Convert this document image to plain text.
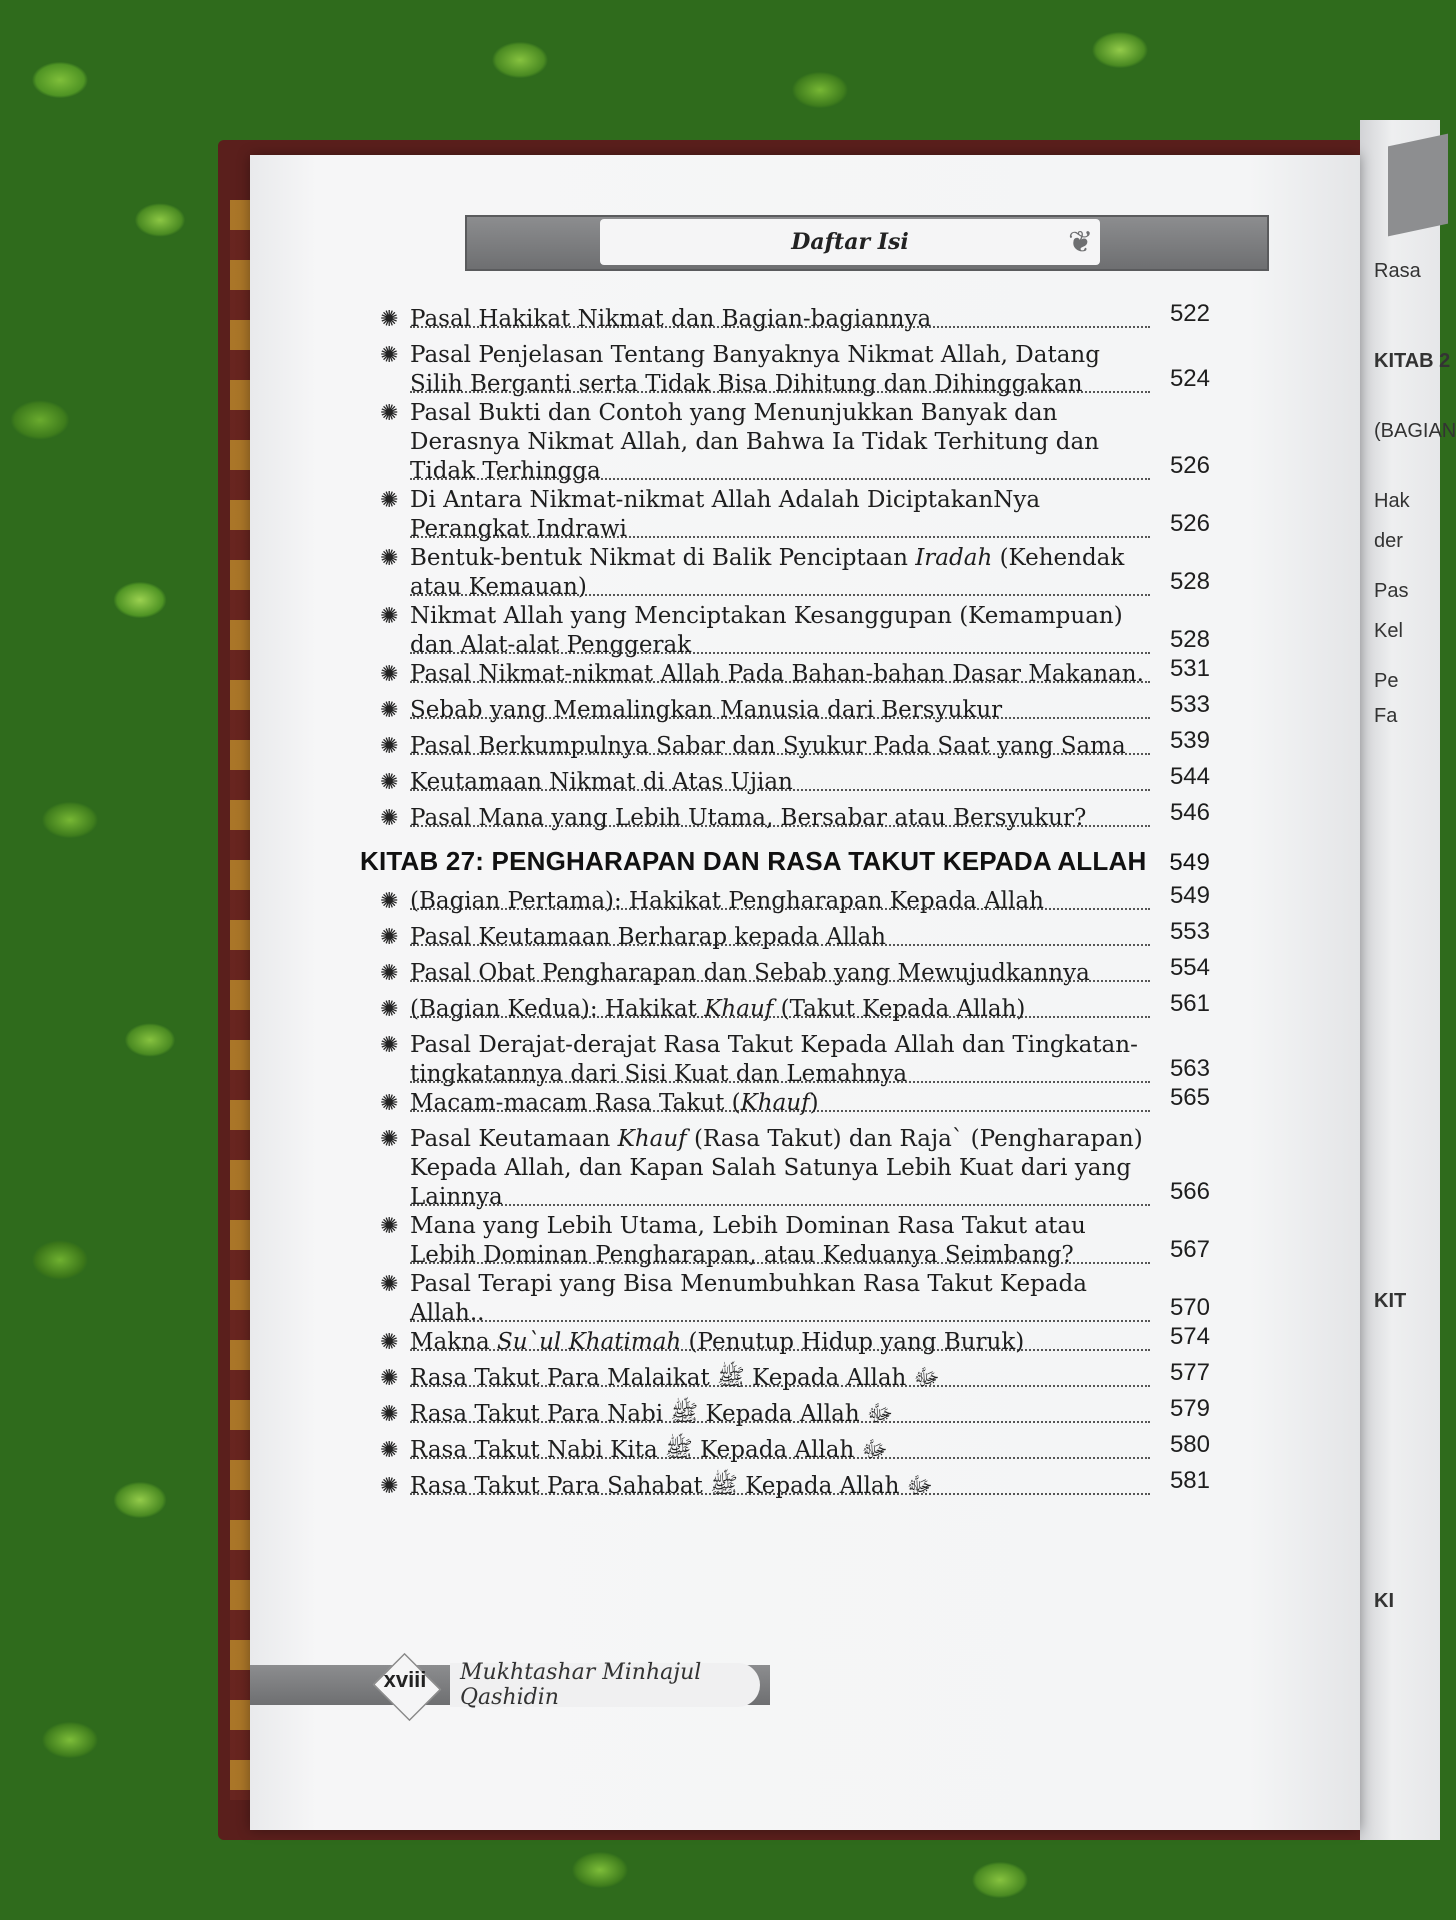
Rasa
KITAB 2
(BAGIAN
Hak
der
Pas
Kel
Pe
Fa
KIT
KI
Daftar Isi	❦
✺ Pasal Hakikat Nikmat dan Bagian-bagiannya	522
✺ Pasal Penjelasan Tentang Banyaknya Nikmat Allah, Datang Silih Berganti serta Tidak Bisa Dihitung dan Dihinggakan	524
✺ Pasal Bukti dan Contoh yang Menunjukkan Banyak dan Derasnya Nikmat Allah, dan Bahwa Ia Tidak Terhitung dan Tidak Terhingga	526
✺ Di Antara Nikmat-nikmat Allah Adalah DiciptakanNya Perangkat Indrawi	526
✺ Bentuk-bentuk Nikmat di Balik Penciptaan Iradah (Kehendak atau Kemauan)	528
✺ Nikmat Allah yang Menciptakan Kesanggupan (Kemampuan) dan Alat-alat Penggerak	528
✺ Pasal Nikmat-nikmat Allah Pada Bahan-bahan Dasar Makanan. 531
✺ Sebab yang Memalingkan Manusia dari Bersyukur	533
✺ Pasal Berkumpulnya Sabar dan Syukur Pada Saat yang Sama 539
✺ Keutamaan Nikmat di Atas Ujian	544
✺ Pasal Mana yang Lebih Utama, Bersabar atau Bersyukur?	546
KITAB 27: PENGHARAPAN DAN RASA TAKUT KEPADA ALLAH 549
✺ (Bagian Pertama): Hakikat Pengharapan Kepada Allah	549
✺ Pasal Keutamaan Berharap kepada Allah	553
✺ Pasal Obat Pengharapan dan Sebab yang Mewujudkannya	554
✺ (Bagian Kedua): Hakikat Khauf (Takut Kepada Allah)	561
✺ Pasal Derajat-derajat Rasa Takut Kepada Allah dan Tingkatan-tingkatannya dari Sisi Kuat dan Lemahnya	563
✺ Macam-macam Rasa Takut (Khauf)	565
✺ Pasal Keutamaan Khauf (Rasa Takut) dan Raja` (Pengharapan) Kepada Allah, dan Kapan Salah Satunya Lebih Kuat dari yang Lainnya	566
✺ Mana yang Lebih Utama, Lebih Dominan Rasa Takut atau Lebih Dominan Pengharapan, atau Keduanya Seimbang?	567
✺ Pasal Terapi yang Bisa Menumbuhkan Rasa Takut Kepada Allah..	570
✺ Makna Su`ul Khatimah (Penutup Hidup yang Buruk)	574
✺ Rasa Takut Para Malaikat ﷺ Kepada Allah ﷻ	577
✺ Rasa Takut Para Nabi ﷺ Kepada Allah ﷻ	579
✺ Rasa Takut Nabi Kita ﷺ Kepada Allah ﷻ	580
✺ Rasa Takut Para Sahabat ﷺ Kepada Allah ﷻ	581
xviii	Mukhtashar Minhajul Qashidin
